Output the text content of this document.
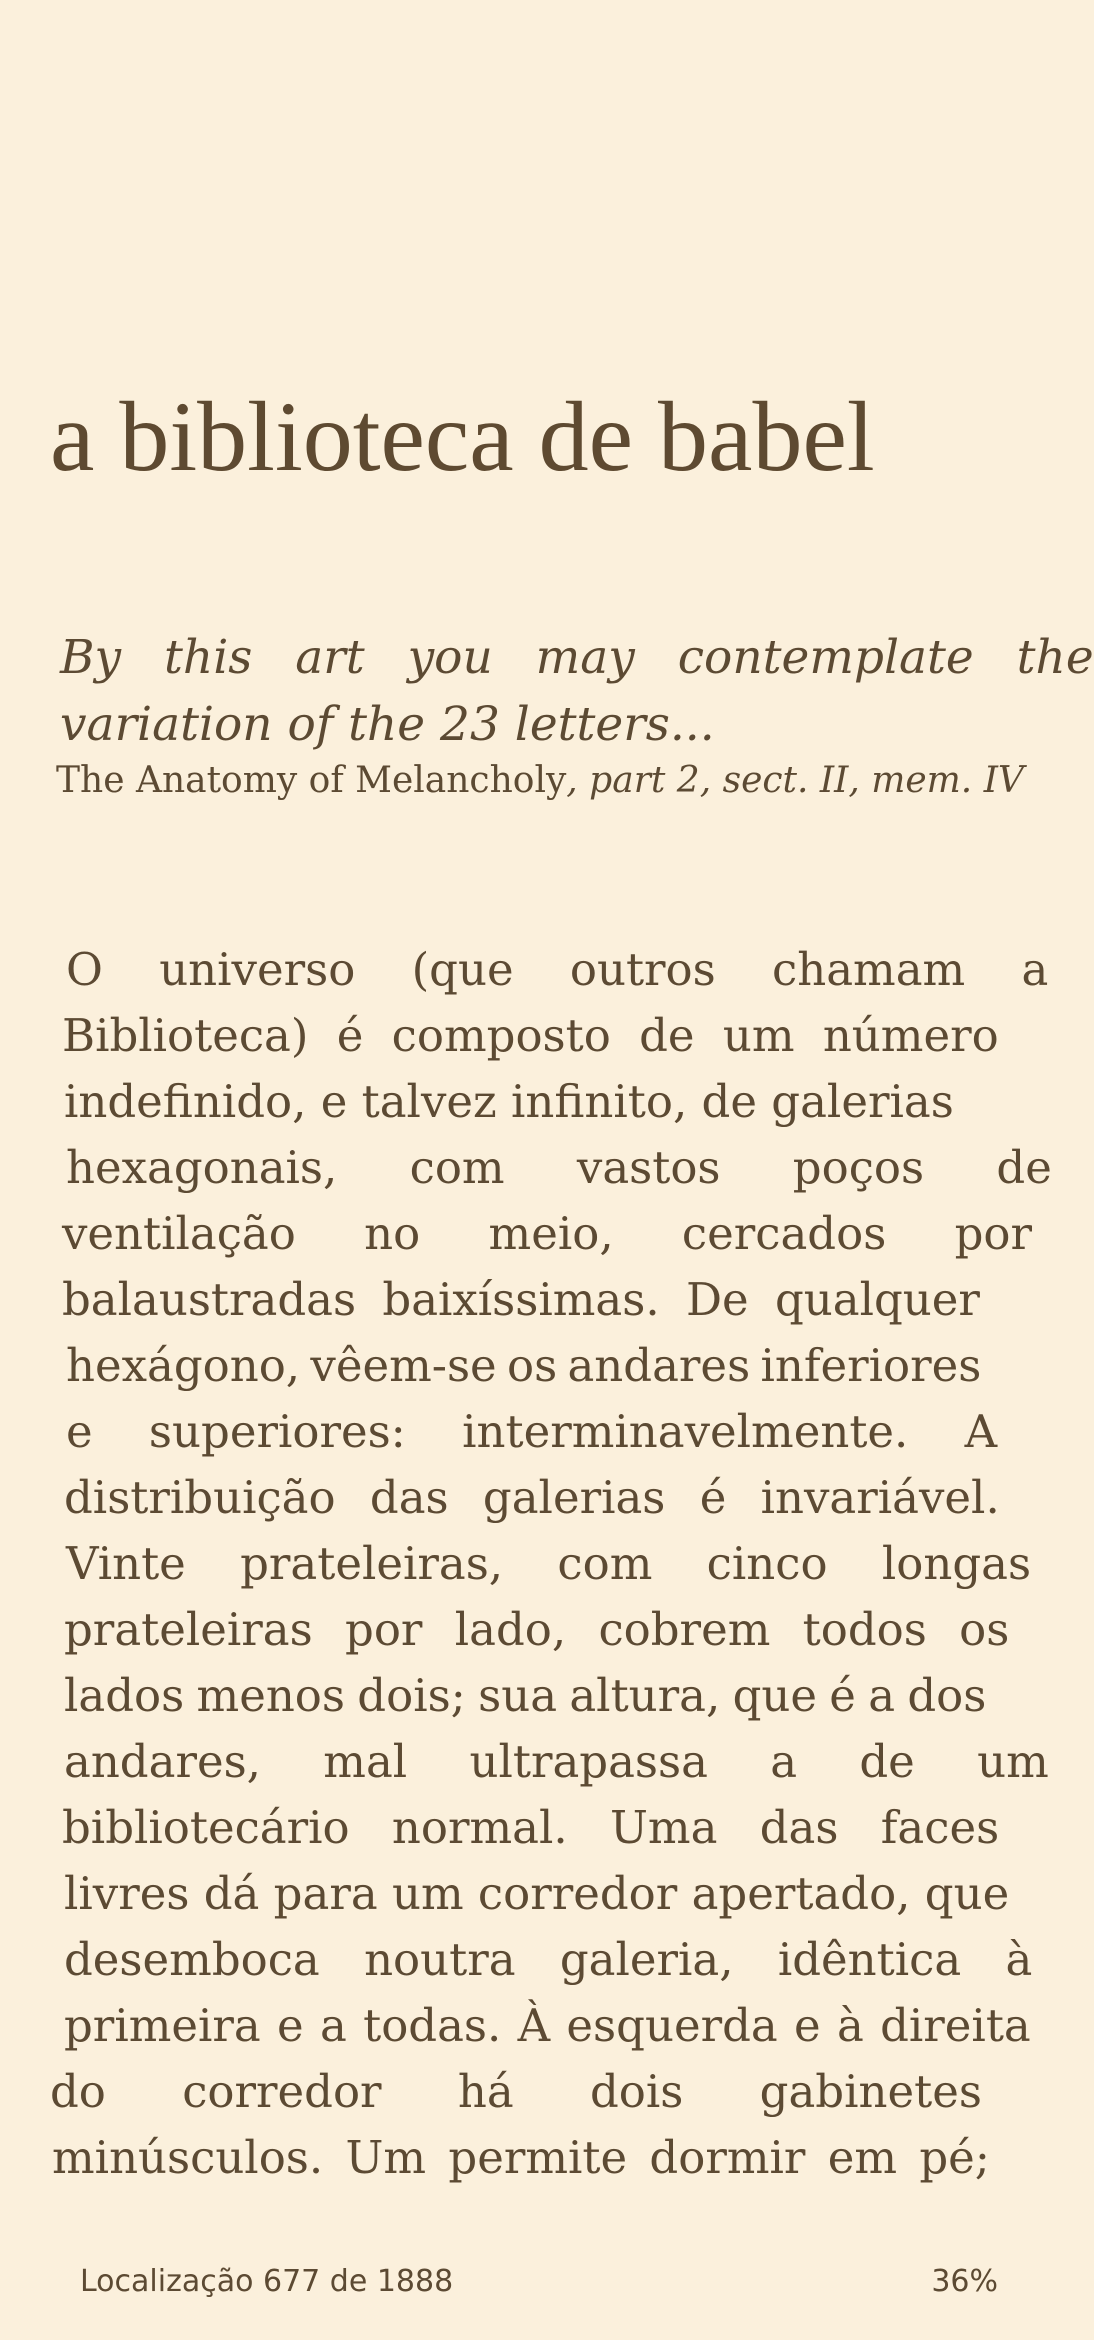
a biblioteca de babel
By this art you may contemplate the
variation of the 23 letters...
The Anatomy of Melancholy, part 2, sect. II, mem. IV
O universo (que outros chamam a
Biblioteca) é composto de um número
indefinido, e talvez infinito, de galerias
hexagonais, com vastos poços de
ventilação no meio, cercados por
balaustradas baixíssimas. De qualquer
hexágono, vêem-se os andares inferiores
e superiores: interminavelmente. A
distribuição das galerias é invariável.
Vinte prateleiras, com cinco longas
prateleiras por lado, cobrem todos os
lados menos dois; sua altura, que é a dos
andares, mal ultrapassa a de um
bibliotecário normal. Uma das faces
livres dá para um corredor apertado, que
desemboca noutra galeria, idêntica à
primeira e a todas. À esquerda e à direita
do corredor há dois gabinetes
minúsculos. Um permite dormir em pé;
Localização 677 de 1888	36%
